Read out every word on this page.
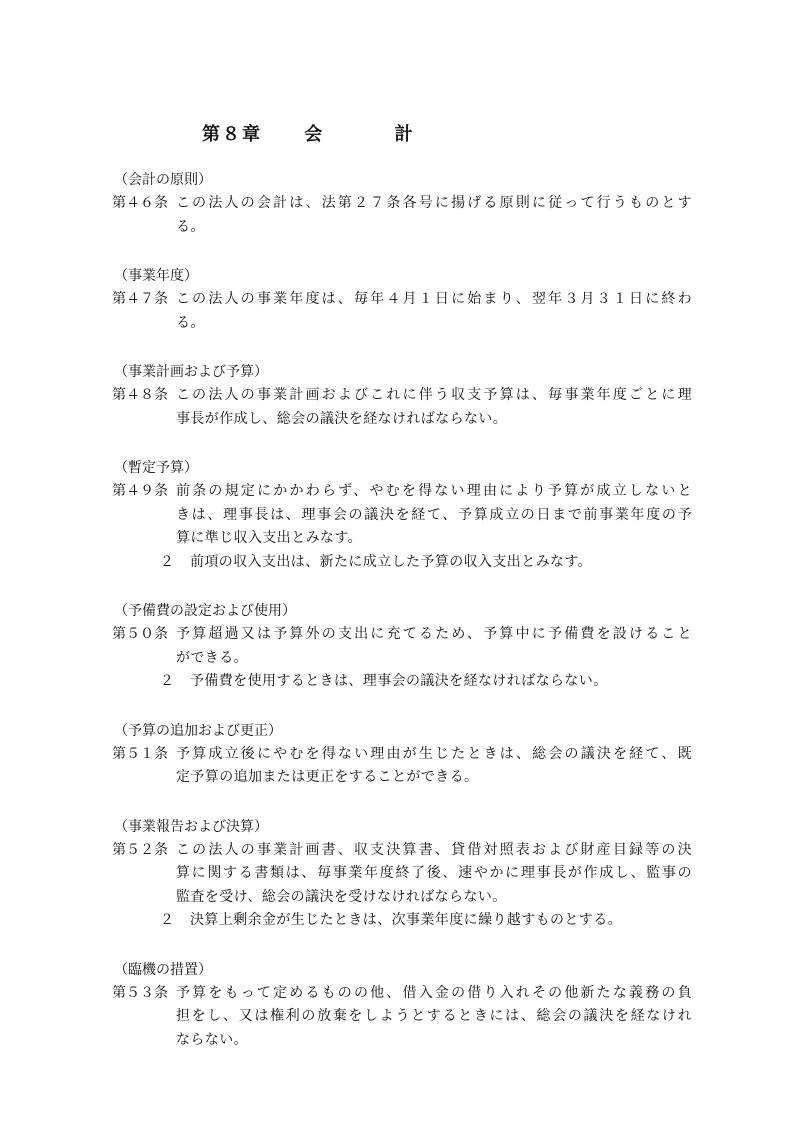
第８章 会	計
（会計の原則）
第４６条 この法人の会計は、法第２７条各号に揚げる原則に従って行うものとす
る。
（事業年度）
第４７条 この法人の事業年度は、毎年４月１日に始まり、翌年３月３１日に終わ
る。
（事業計画および予算）
第４８条 この法人の事業計画およびこれに伴う収支予算は、毎事業年度ごとに理
事長が作成し、総会の議決を経なければならない。
（暫定予算）
第４９条 前条の規定にかかわらず、やむを得ない理由により予算が成立しないと
きは、理事長は、理事会の議決を経て、予算成立の日まで前事業年度の予
算に準じ収入支出とみなす。
２	前項の収入支出は、新たに成立した予算の収入支出とみなす。
（予備費の設定および使用）
第５０条 予算超過又は予算外の支出に充てるため、予算中に予備費を設けること
ができる。
２	予備費を使用するときは、理事会の議決を経なければならない。
（予算の追加および更正）
第５１条 予算成立後にやむを得ない理由が生じたときは、総会の議決を経て、既
定予算の追加または更正をすることができる。
（事業報告および決算）
第５２条 この法人の事業計画書、収支決算書、貸借対照表および財産目録等の決
算に関する書類は、毎事業年度終了後、速やかに理事長が作成し、監事の
監査を受け、総会の議決を受けなければならない。
２	決算上剰余金が生じたときは、次事業年度に繰り越すものとする。
（臨機の措置）
第５３条 予算をもって定めるものの他、借入金の借り入れその他新たな義務の負
担をし、又は権利の放棄をしようとするときには、総会の議決を経なけれ
ならない。
